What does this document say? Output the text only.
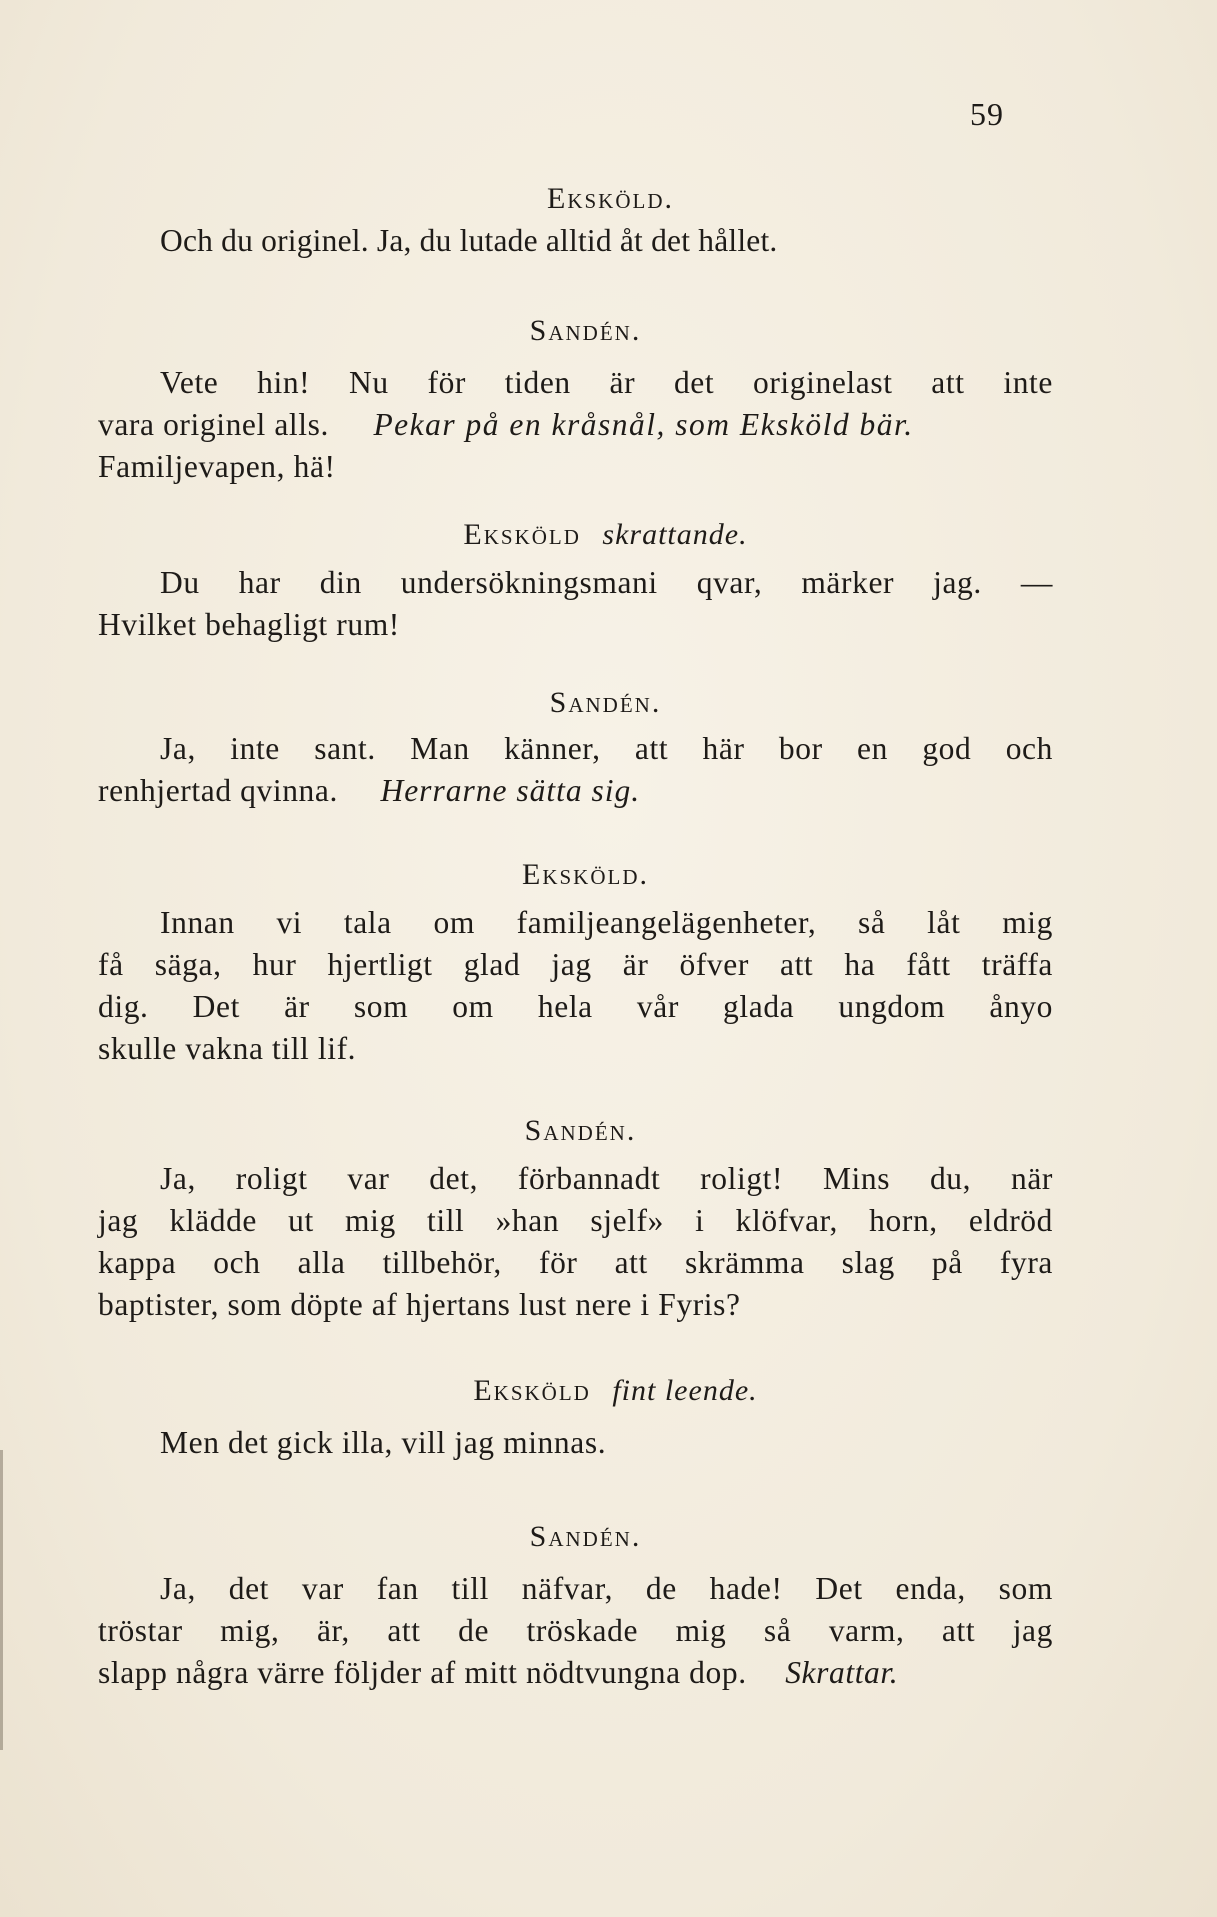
59

Eksköld.

Och du originel. Ja, du lutade alltid åt det hållet.

Sandén.

Vete hin! Nu för tiden är det originelast att inte

vara originel alls. Pekar på en kråsnål, som Eksköld bär.

Familjevapen, hä!

Eksköld skrattande.

Du har din undersökningsmani qvar, märker jag. —

Hvilket behagligt rum!

Sandén.

Ja, inte sant. Man känner, att här bor en god och

renhjertad qvinna. Herrarne sätta sig.

Eksköld.

Innan vi tala om familjeangelägenheter, så låt mig

få säga, hur hjertligt glad jag är öfver att ha fått träffa

dig. Det är som om hela vår glada ungdom ånyo

skulle vakna till lif.

Sandén.

Ja, roligt var det, förbannadt roligt! Mins du, när

jag klädde ut mig till »han sjelf» i klöfvar, horn, eldröd

kappa och alla tillbehör, för att skrämma slag på fyra

baptister, som döpte af hjertans lust nere i Fyris?

Eksköld fint leende.

Men det gick illa, vill jag minnas.

Sandén.

Ja, det var fan till näfvar, de hade! Det enda, som

tröstar mig, är, att de tröskade mig så varm, att jag

slapp några värre följder af mitt nödtvungna dop. Skrattar.
